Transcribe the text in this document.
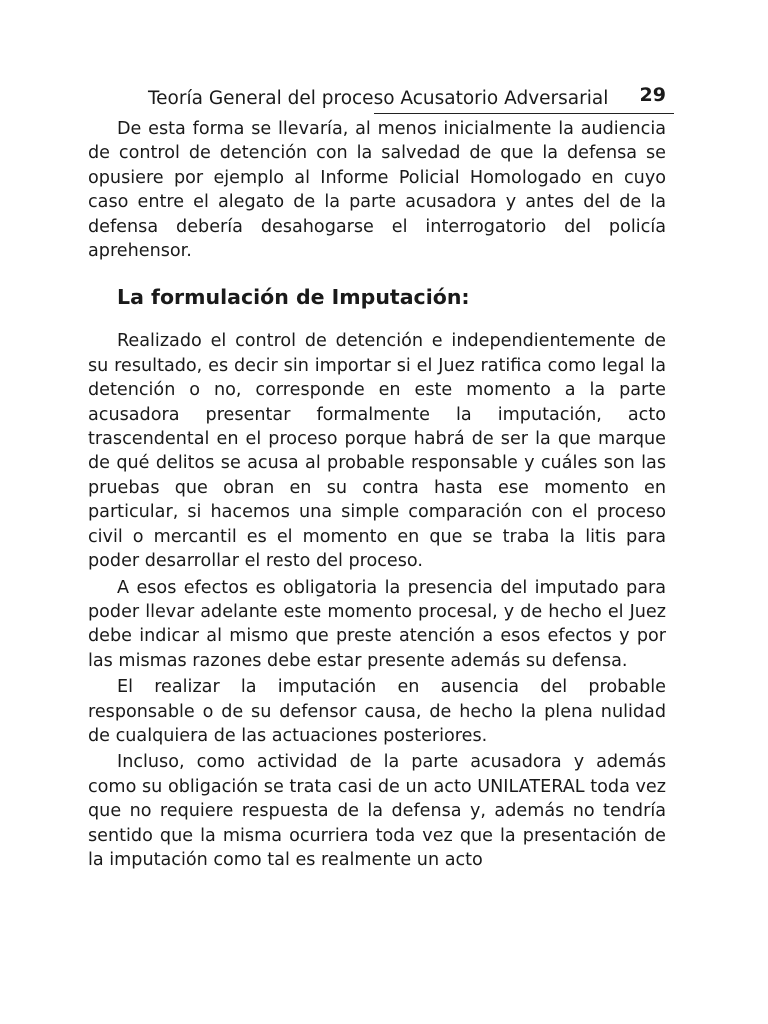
Teoría General del proceso Acusatorio Adversarial 29

De esta forma se llevaría, al menos inicialmente la audiencia de control de detención con la salvedad de que la defensa se opusiere por ejemplo al Informe Policial Homologado en cuyo caso entre el alegato de la parte acusadora y antes del de la defensa debería desahogarse el interrogatorio del policía aprehensor.

La formulación de Imputación:

Realizado el control de detención e independientemente de su resultado, es decir sin importar si el Juez ratifica como legal la detención o no, corresponde en este momento a la parte acusadora presentar formalmente la imputación, acto trascendental en el proceso porque habrá de ser la que marque de qué delitos se acusa al probable responsable y cuáles son las pruebas que obran en su contra hasta ese momento en particular, si hacemos una simple comparación con el proceso civil o mercantil es el momento en que se traba la litis para poder desarrollar el resto del proceso.

A esos efectos es obligatoria la presencia del imputado para poder llevar adelante este momento procesal, y de hecho el Juez debe indicar al mismo que preste atención a esos efectos y por las mismas razones debe estar presente además su defensa.

El realizar la imputación en ausencia del probable responsable o de su defensor causa, de hecho la plena nulidad de cualquiera de las actuaciones posteriores.

Incluso, como actividad de la parte acusadora y además como su obligación se trata casi de un acto UNILATERAL toda vez que no requiere respuesta de la defensa y, además no tendría sentido que la misma ocurriera toda vez que la presentación de la imputación como tal es realmente un acto
